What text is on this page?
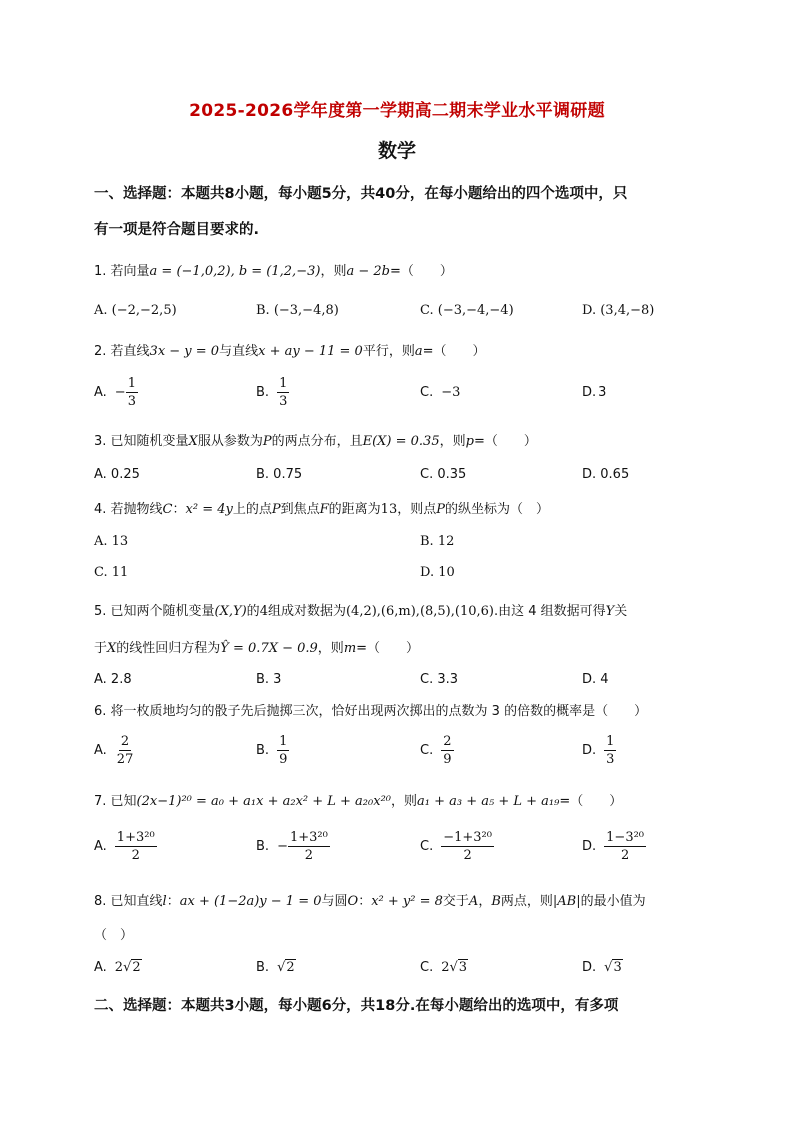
2025-2026学年度第一学期高二期末学业水平调研题
数学
一、选择题：本题共8小题，每小题5分，共40分，在每小题给出的四个选项中，只
有一项是符合题目要求的.
1. 若向量a = (−1,0,2), b = (1,2,−3)，则a − 2b=（　　）
A. (−2,−2,5)	B. (−3,−4,8)	C. (−3,−4,−4)	D. (3,4,−8)
2. 若直线3x − y = 0与直线x + ay − 11 = 0平行，则a=（　　）
A. − $\frac{1}{3}$	B. $\frac{1}{3}$	C. −3	D. 3
3. 已知随机变量X服从参数为P的两点分布，且E(X) = 0.35，则p=（　　）
A. 0.25	B. 0.75	C. 0.35	D. 0.65
4. 若抛物线C：x² = 4y上的点P到焦点F的距离为13，则点P的纵坐标为（　）
A. 13	B. 12
C. 11	D. 10
5. 已知两个随机变量(X,Y)的4组成对数据为(4,2),(6,m),(8,5),(10,6).由这 4 组数据可得Y关
于X的线性回归方程为Ŷ = 0.7X − 0.9，则m=（　　）
A. 2.8	B. 3	C. 3.3	D. 4
6. 将一枚质地均匀的骰子先后抛掷三次，恰好出现两次掷出的点数为 3 的倍数的概率是（　　）
A. $\frac{2}{27}$	B. $\frac{1}{9}$	C. $\frac{2}{9}$	D. $\frac{1}{3}$
7. 已知(2x−1)²⁰ = a₀ + a₁x + a₂x² + L + a₂₀x²⁰，则a₁ + a₃ + a₅ + L + a₁₉=（　　）
A. $\frac{\text{1+3²⁰}}{2}$	B. − $\frac{\text{1+3²⁰}}{2}$	C. $\frac{\text{−1+3²⁰}}{2}$	D. $\frac{\text{1−3²⁰}}{2}$
8. 已知直线l：ax + (1−2a)y − 1 = 0与圆O：x² + y² = 8交于A，B两点，则|AB|的最小值为
（　）
A. 2√2	B. √2	C. 2√3	D. √3
二、选择题：本题共3小题，每小题6分，共18分.在每小题给出的选项中，有多项
